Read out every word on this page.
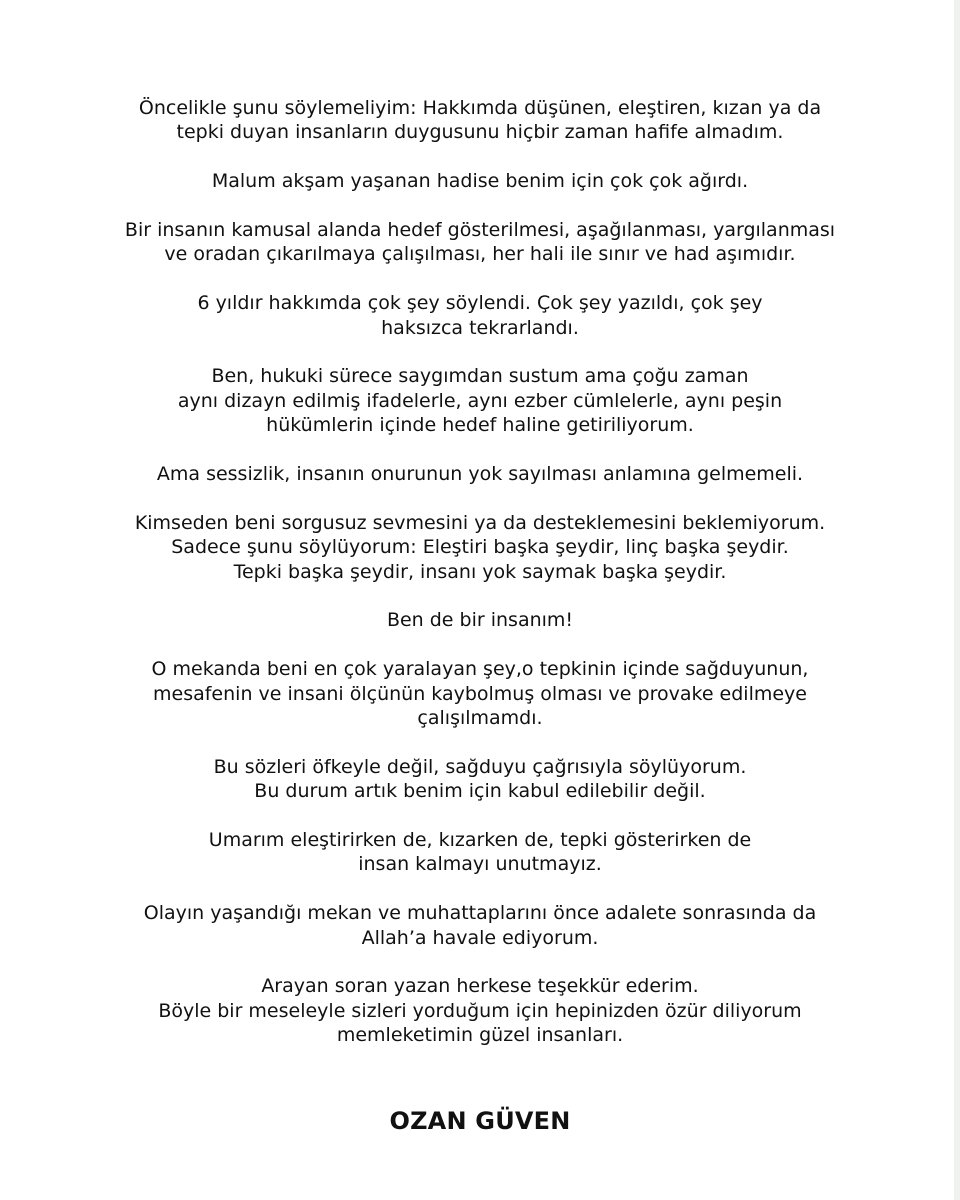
Öncelikle şunu söylemeliyim: Hakkımda düşünen, eleştiren, kızan ya da
tepki duyan insanların duygusunu hiçbir zaman hafife almadım.

Malum akşam yaşanan hadise benim için çok çok ağırdı.

Bir insanın kamusal alanda hedef gösterilmesi, aşağılanması, yargılanması
ve oradan çıkarılmaya çalışılması, her hali ile sınır ve had aşımıdır.

6 yıldır hakkımda çok şey söylendi. Çok şey yazıldı, çok şey
haksızca tekrarlandı.

Ben, hukuki sürece saygımdan sustum ama çoğu zaman
aynı dizayn edilmiş ifadelerle, aynı ezber cümlelerle, aynı peşin
hükümlerin içinde hedef haline getiriliyorum.

Ama sessizlik, insanın onurunun yok sayılması anlamına gelmemeli.

Kimseden beni sorgusuz sevmesini ya da desteklemesini beklemiyorum.
Sadece şunu söylüyorum: Eleştiri başka şeydir, linç başka şeydir.
Tepki başka şeydir, insanı yok saymak başka şeydir.

Ben de bir insanım!

O mekanda beni en çok yaralayan şey,o tepkinin içinde sağduyunun,
mesafenin ve insani ölçünün kaybolmuş olması ve provake edilmeye
çalışılmamdı.

Bu sözleri öfkeyle değil, sağduyu çağrısıyla söylüyorum.
Bu durum artık benim için kabul edilebilir değil.

Umarım eleştirirken de, kızarken de, tepki gösterirken de
insan kalmayı unutmayız.

Olayın yaşandığı mekan ve muhattaplarını önce adalete sonrasında da
Allah’a havale ediyorum.

Arayan soran yazan herkese teşekkür ederim.
Böyle bir meseleyle sizleri yorduğum için hepinizden özür diliyorum
memleketimin güzel insanları.

OZAN GÜVEN
